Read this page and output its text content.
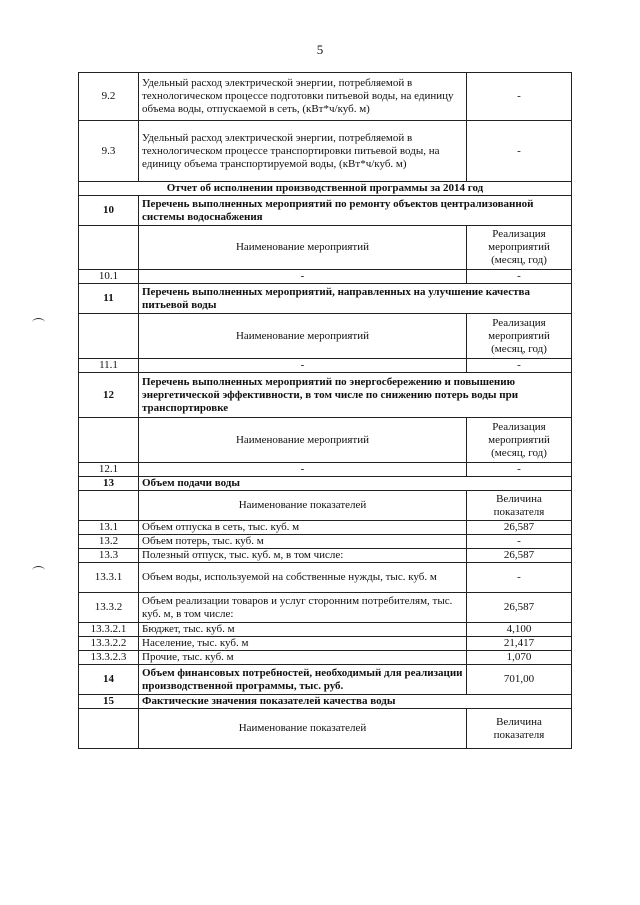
5
9.2	Удельный расход электрической энергии, потребляемой в технологическом процессе подготовки питьевой воды, на единицу объема воды, отпускаемой в сеть, (кВт*ч/куб. м)	-
9.3	Удельный расход электрической энергии, потребляемой в технологическом процессе транспортировки питьевой воды, на единицу объема транспортируемой воды, (кВт*ч/куб. м)	-
Отчет об исполнении производственной программы за 2014 год		
10	Перечень выполненных мероприятий по ремонту объектов централизованной системы водоснабжения	
	Наименование мероприятий	Реализация мероприятий (месяц, год)
10.1	-	-
11	Перечень выполненных мероприятий, направленных на улучшение качества питьевой воды	
	Наименование мероприятий	Реализация мероприятий (месяц, год)
11.1	-	-
12	Перечень выполненных мероприятий по энергосбережению и повышению энергетической эффективности, в том числе по снижению потерь воды при транспортировке	
	Наименование мероприятий	Реализация мероприятий (месяц, год)
12.1	-	-
13	Объем подачи воды	
	Наименование показателей	Величина показателя
13.1	Объем отпуска в сеть, тыс. куб. м	26,587
13.2	Объем потерь, тыс. куб. м	-
13.3	Полезный отпуск, тыс. куб. м, в том числе:	26,587
13.3.1	Объем воды, используемой на собственные нужды, тыс. куб. м	-
13.3.2	Объем реализации товаров и услуг сторонним потребителям, тыс. куб. м, в том числе:	26,587
13.3.2.1	Бюджет, тыс. куб. м	4,100
13.3.2.2	Население, тыс. куб. м	21,417
13.3.2.3	Прочие, тыс. куб. м	1,070
14	Объем финансовых потребностей, необходимый для реализации производственной программы, тыс. руб.	701,00
15	Фактические значения показателей качества воды	
	Наименование показателей	Величина показателя
